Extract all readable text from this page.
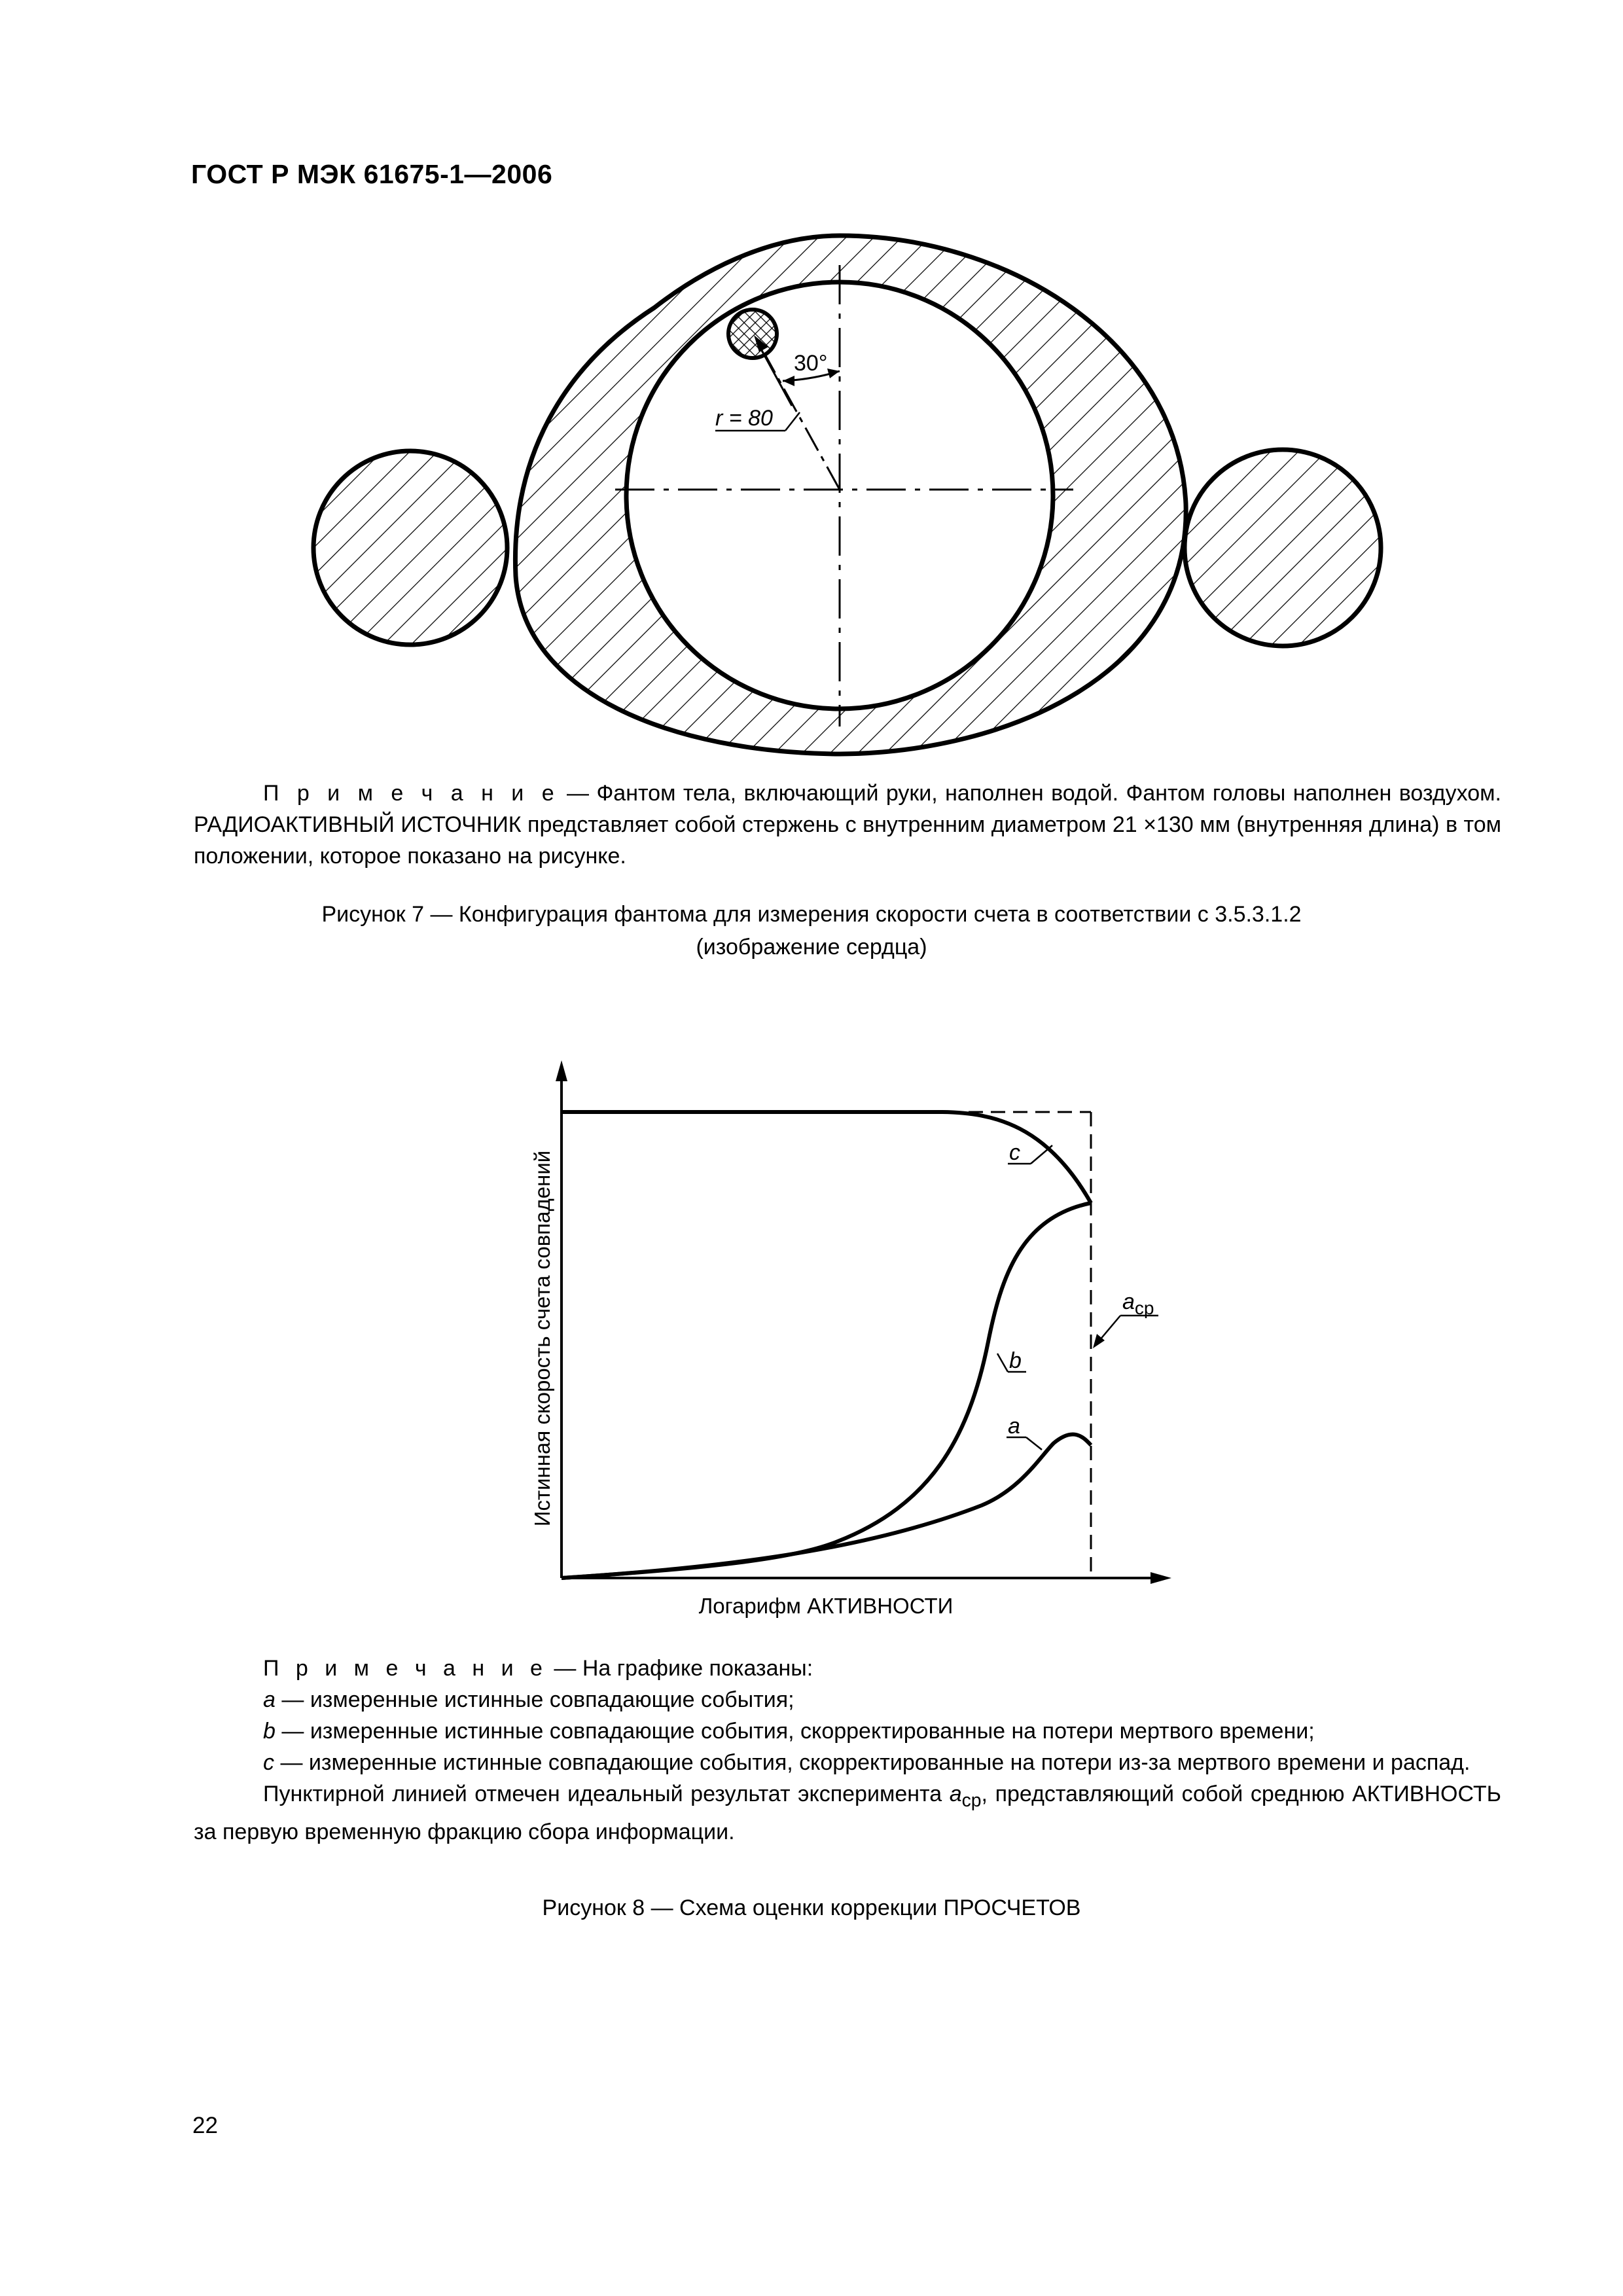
ГОСТ Р МЭК 61675-1—2006
30°
r = 80
П р и м е ч а н и е — Фантом тела, включающий руки, наполнен водой. Фантом головы наполнен воздухом. РАДИОАКТИВНЫЙ ИСТОЧНИК представляет собой стержень с внутренним диаметром 21 ×130 мм (внутренняя длина) в том положении, которое показано на рисунке.
Рисунок 7 — Конфигурация фантома для измерения скорости счета в соответствии с 3.5.3.1.2
(изображение сердца)
c
b
a
$a_{ср}$
Логарифм АКТИВНОСТИ
Истинная скорость счета совпадений
П р и м е ч а н и е — На графике показаны:
a — измеренные истинные совпадающие события;
b — измеренные истинные совпадающие события, скорректированные на потери мертвого времени;
c — измеренные истинные совпадающие события, скорректированные на потери из-за мертвого времени и распад.
Пунктирной линией отмечен идеальный результат эксперимента $a_{ср}$, представляющий собой среднюю АКТИВНОСТЬ за первую временную фракцию сбора информации.
Рисунок 8 — Схема оценки коррекции ПРОСЧЕТОВ
22
